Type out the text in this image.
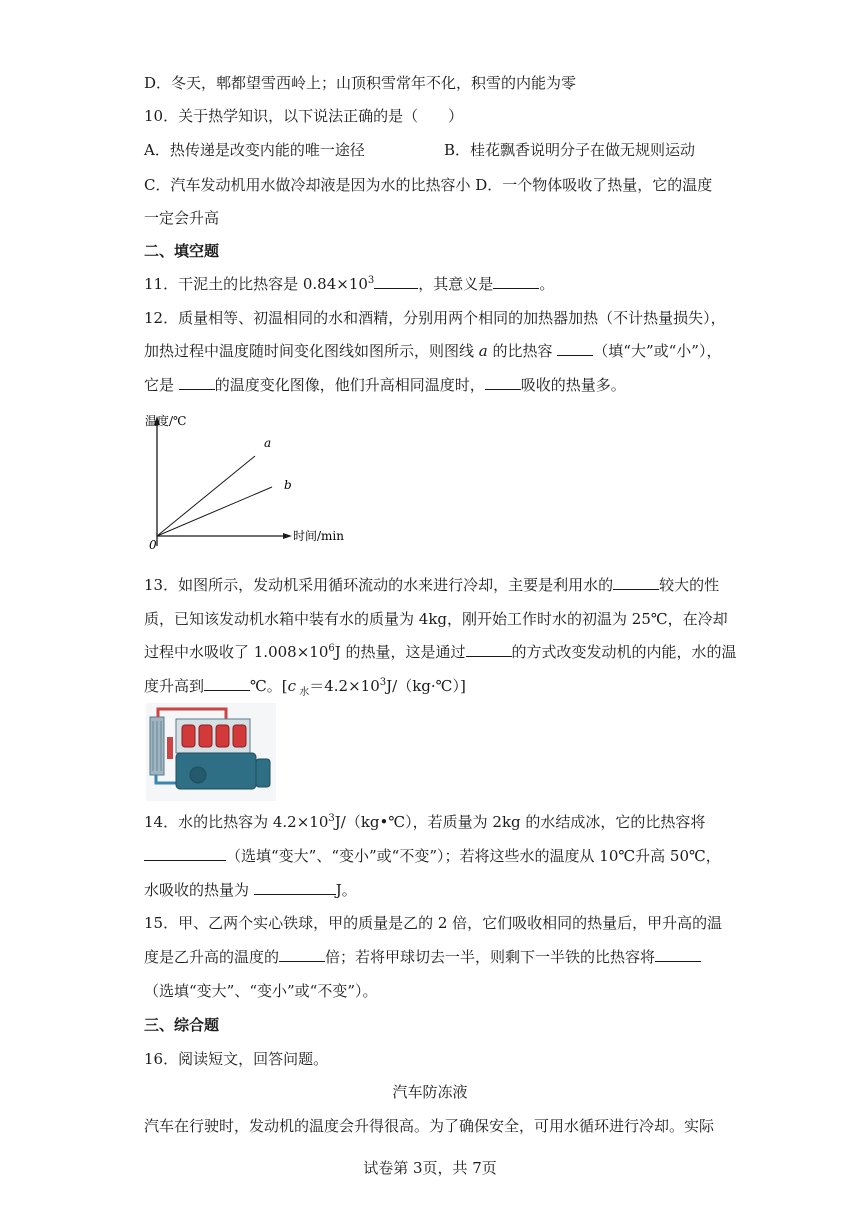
D．冬天，郫都望雪西岭上；山顶积雪常年不化，积雪的内能为零
10．关于热学知识，以下说法正确的是（　　）
A．热传递是改变内能的唯一途径	B．桂花飘香说明分子在做无规则运动
C．汽车发动机用水做冷却液是因为水的比热容小 D．一个物体吸收了热量，它的温度
一定会升高
二、填空题
11．干泥土的比热容是 $0.84\times 10^3$	，其意义是	。
12．质量相等、初温相同的水和酒精，分别用两个相同的加热器加热（不计热量损失），
加热过程中温度随时间变化图线如图所示，则图线 a 的比热容 （填“大”或“小”），
它是 的温度变化图像，他们升高相同温度时， 吸收的热量多。
温度/℃
时间/min
0
a
b
13．如图所示，发动机采用循环流动的水来进行冷却，主要是利用水的	较大的性
质，已知该发动机水箱中装有水的质量为 4kg，刚开始工作时水的初温为 25℃，在冷却
过程中水吸收了 $1.008\times 10^6J$ 的热量，这是通过	的方式改变发动机的内能，水的温
度升高到	℃。[c $_水=4.2\times 10^3J/(kg\cdot℃)$]
14．水的比热容为 $4.2\times 10^3J/(kg•℃)$，若质量为 2kg 的水结成冰，它的比热容将
（选填“变大”、“变小”或“不变”）；若将这些水的温度从 10℃升高 50℃，
水吸收的热量为	J。
15．甲、乙两个实心铁球，甲的质量是乙的 2 倍，它们吸收相同的热量后，甲升高的温
度是乙升高的温度的	倍；若将甲球切去一半，则剩下一半铁的比热容将
（选填“变大”、“变小”或“不变”）。
三、综合题
16．阅读短文，回答问题。
汽车防冻液
汽车在行驶时，发动机的温度会升得很高。为了确保安全，可用水循环进行冷却。实际
试卷第 3页，共 7页
